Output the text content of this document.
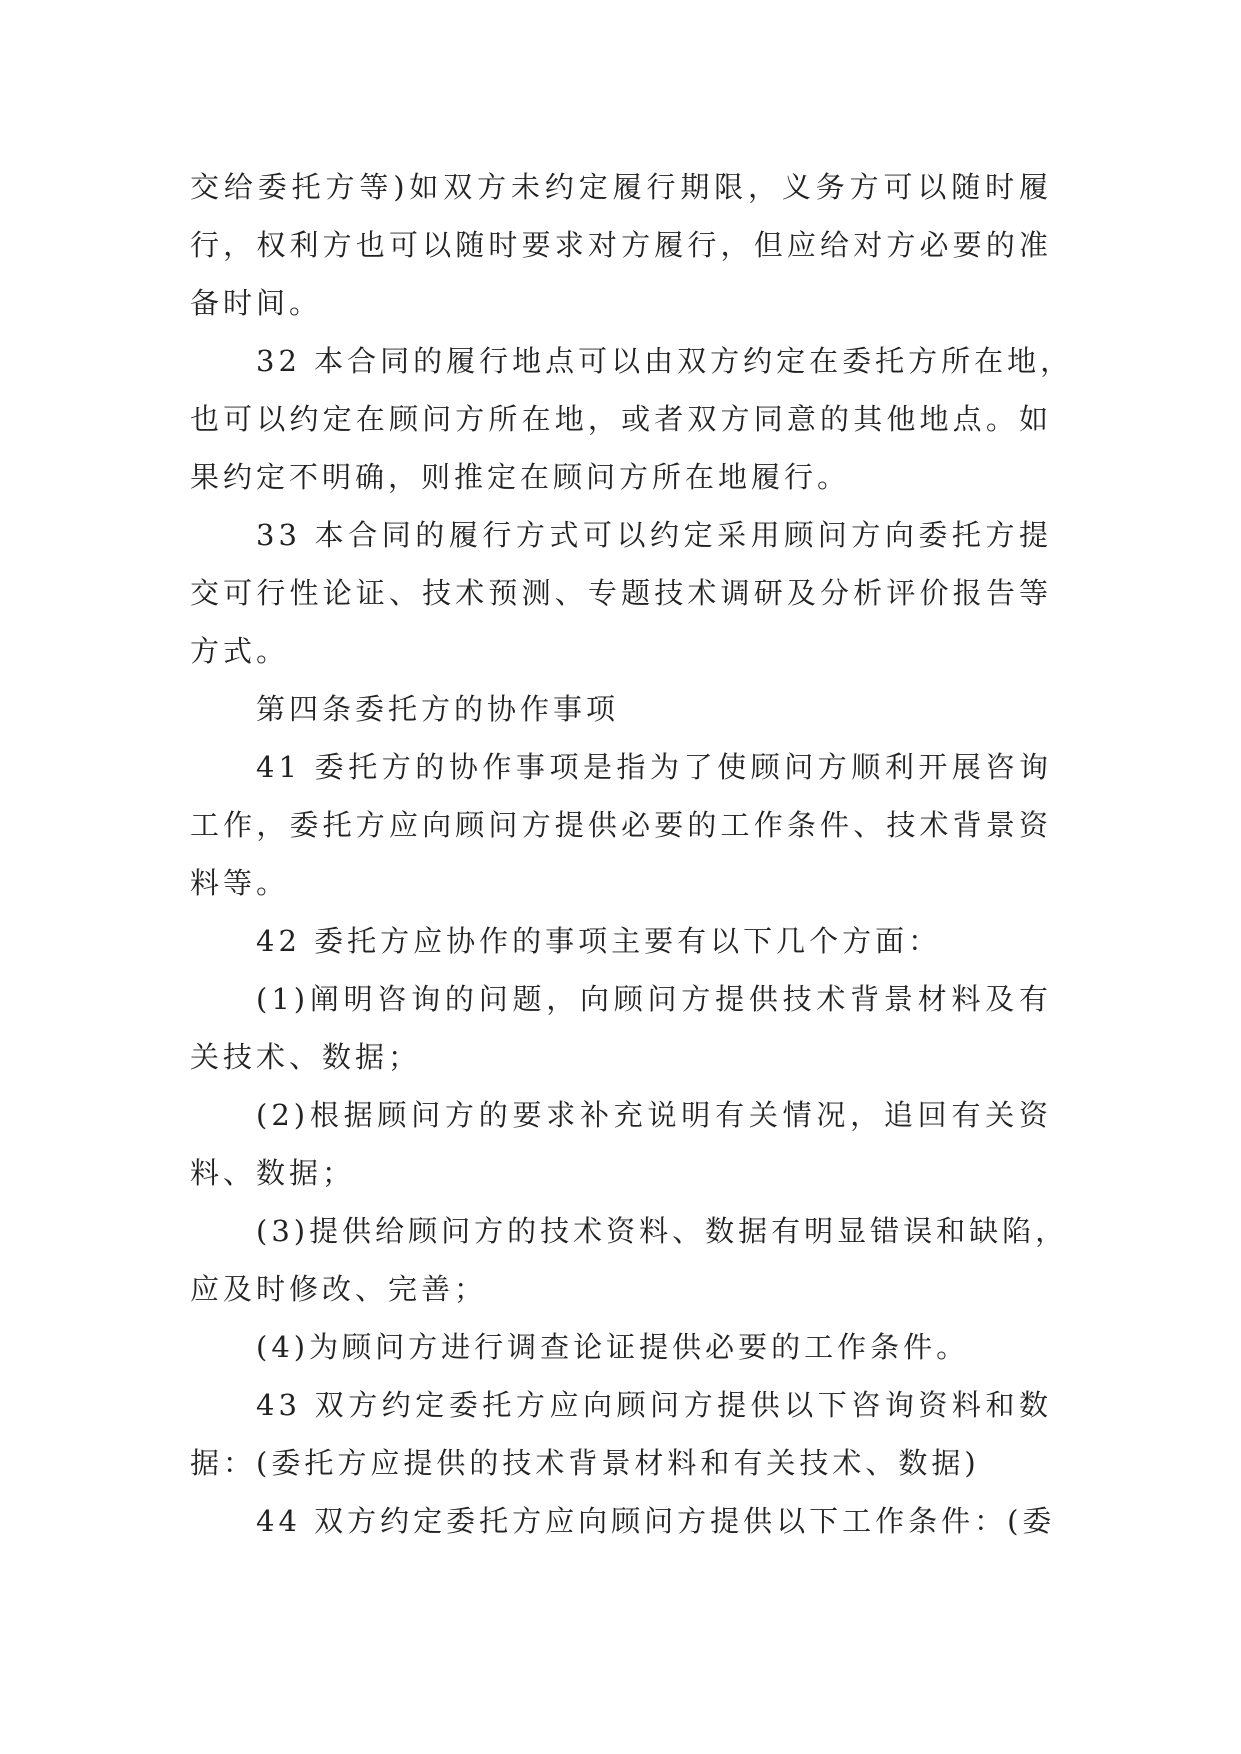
交给委托方等)如双方未约定履行期限，义务方可以随时履
行，权利方也可以随时要求对方履行，但应给对方必要的准
备时间。
32 本合同的履行地点可以由双方约定在委托方所在地，
也可以约定在顾问方所在地，或者双方同意的其他地点。如
果约定不明确，则推定在顾问方所在地履行。
33 本合同的履行方式可以约定采用顾问方向委托方提
交可行性论证、技术预测、专题技术调研及分析评价报告等
方式。
第四条委托方的协作事项
41 委托方的协作事项是指为了使顾问方顺利开展咨询
工作，委托方应向顾问方提供必要的工作条件、技术背景资
料等。
42 委托方应协作的事项主要有以下几个方面：
(1)阐明咨询的问题，向顾问方提供技术背景材料及有
关技术、数据；
(2)根据顾问方的要求补充说明有关情况，追回有关资
料、数据；
(3)提供给顾问方的技术资料、数据有明显错误和缺陷，
应及时修改、完善；
(4)为顾问方进行调查论证提供必要的工作条件。
43 双方约定委托方应向顾问方提供以下咨询资料和数
据：(委托方应提供的技术背景材料和有关技术、数据)
44 双方约定委托方应向顾问方提供以下工作条件：(委
